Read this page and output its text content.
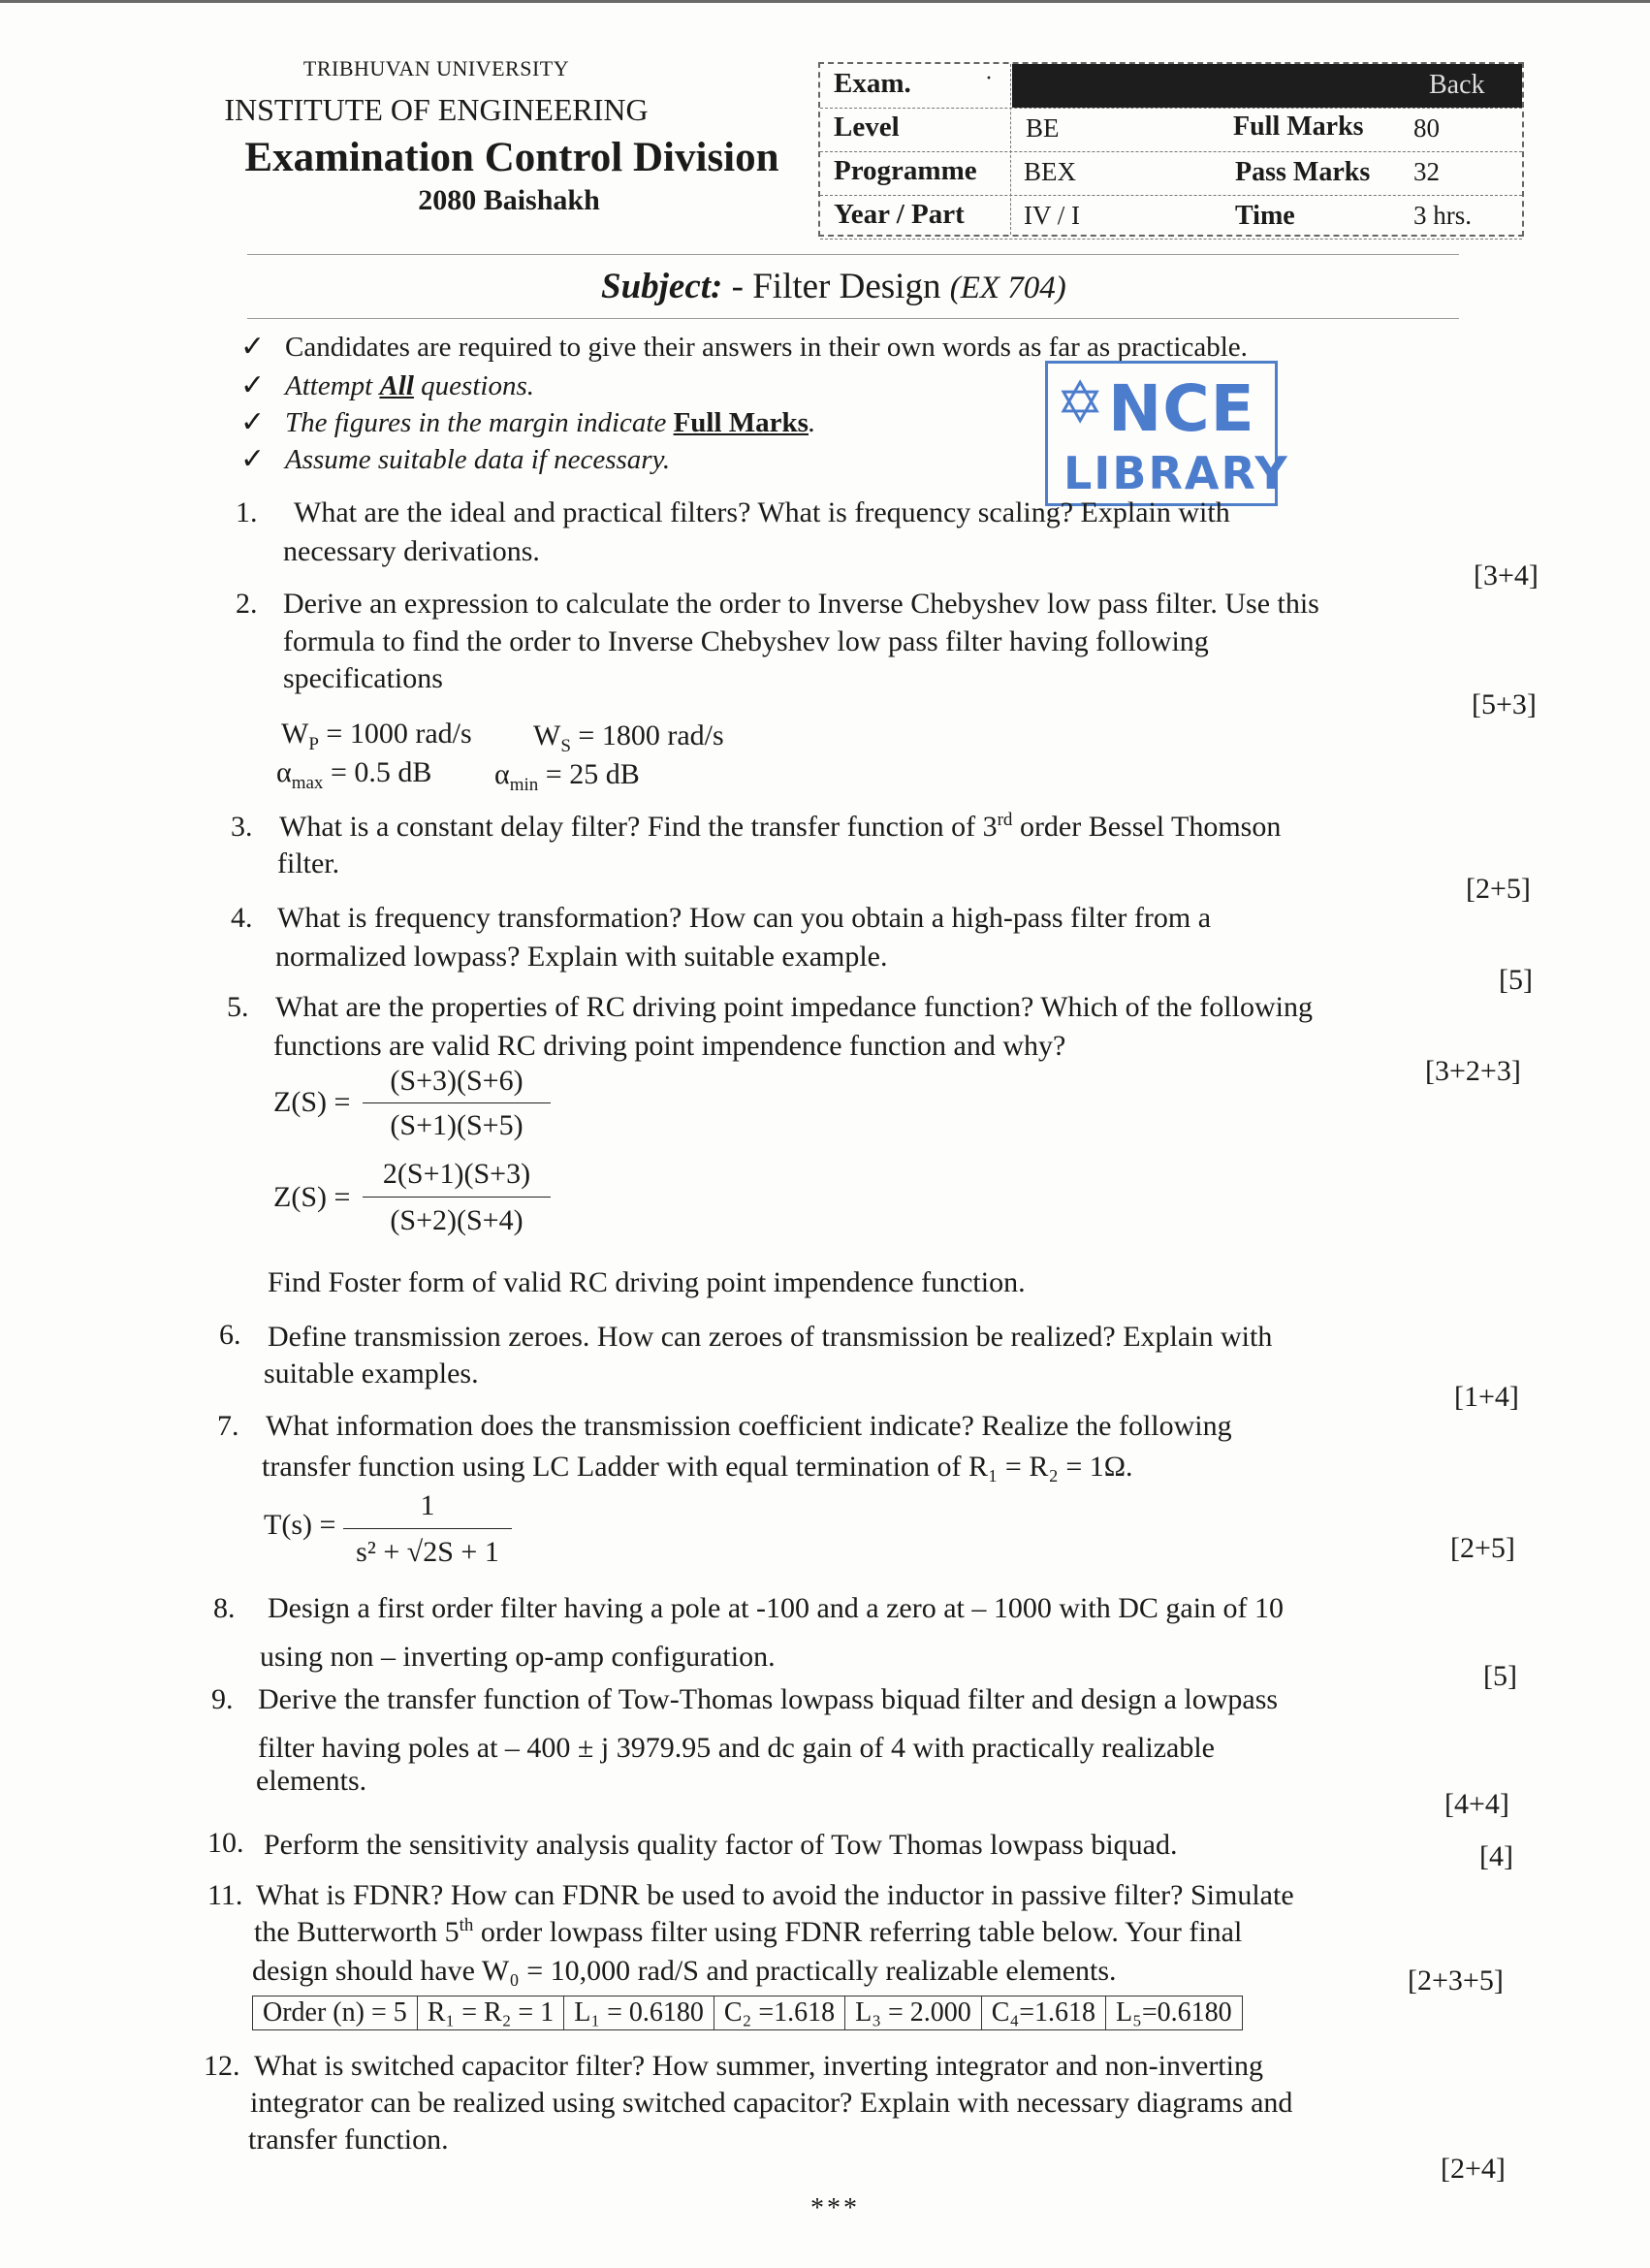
TRIBHUVAN UNIVERSITY
INSTITUTE OF ENGINEERING
Examination Control Division
2080 Baishakh
Exam.	·	Back
Level	BE	Full Marks 80
Programme BEX	Pass Marks 32
Year / Part IV / I	Time	3 hrs.
Subject: - Filter Design (EX 704)
✓ Candidates are required to give their answers in their own words as far as practicable.
✓ Attempt All questions.
✓ The figures in the margin indicate Full Marks.
✓ Assume suitable data if necessary.
✡ NCE
LIBRARY
1. What are the ideal and practical filters? What is frequency scaling? Explain with
necessary derivations.
[3+4]
2. Derive an expression to calculate the order to Inverse Chebyshev low pass filter. Use this
formula to find the order to Inverse Chebyshev low pass filter having following
specifications
[5+3]
$W_P = 1000$ rad/s $W_S = 1800$ rad/s
$\alpha_{max} = 0.5$ dB $\alpha_{min} = 25$ dB
3. What is a constant delay filter? Find the transfer function of 3rd order Bessel Thomson
filter.
[2+5]
4. What is frequency transformation? How can you obtain a high-pass filter from a
normalized lowpass? Explain with suitable example.
[5]
5. What are the properties of RC driving point impedance function? Which of the following
functions are valid RC driving point impendence function and why?
[3+2+3]
Z(S) =
(S+3)(S+6)
(S+1)(S+5)
Z(S) =
2(S+1)(S+3)
(S+2)(S+4)
Find Foster form of valid RC driving point impendence function.
6. Define transmission zeroes. How can zeroes of transmission be realized? Explain with
suitable examples.
[1+4]
7. What information does the transmission coefficient indicate? Realize the following
transfer function using LC Ladder with equal termination of R₁ = R₂ = 1Ω.
T(s) =
1
s² + √2S + 1	[2+5]
8. Design a first order filter having a pole at -100 and a zero at – 1000 with DC gain of 10
using non – inverting op-amp configuration.
[5]
9. Derive the transfer function of Tow-Thomas lowpass biquad filter and design a lowpass
filter having poles at – 400 ± j 3979.95 and dc gain of 4 with practically realizable
elements.
[4+4]
10. Perform the sensitivity analysis quality factor of Tow Thomas lowpass biquad.	[4]
11. What is FDNR? How can FDNR be used to avoid the inductor in passive filter? Simulate
the Butterworth 5th order lowpass filter using FDNR referring table below. Your final
design should have W₀ = 10,000 rad/S and practically realizable elements.	[2+3+5]
Order (n) = 5	R₁ = R₂ = 1	L₁ = 0.6180	C₂ =1.618	L₃ = 2.000	C₄=1.618	L₅=0.6180
12. What is switched capacitor filter? How summer, inverting integrator and non-inverting
integrator can be realized using switched capacitor? Explain with necessary diagrams and
transfer function.
[2+4]
***
